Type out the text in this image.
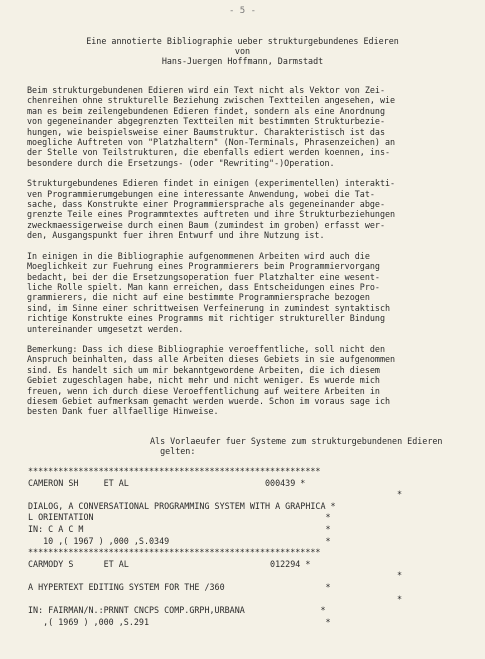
- 5 -
Eine annotierte Bibliographie ueber strukturgebundenes Edieren
von
Hans-Juergen Hoffmann, Darmstadt
Beim strukturgebundenen Edieren wird ein Text nicht als Vektor von Zei-
chenreihen ohne strukturelle Beziehung zwischen Textteilen angesehen, wie
man es beim zeilengebundenen Edieren findet, sondern als eine Anordnung
von gegeneinander abgegrenzten Textteilen mit bestimmten Strukturbezie-
hungen, wie beispielsweise einer Baumstruktur. Charakteristisch ist das
moegliche Auftreten von "Platzhaltern" (Non-Terminals, Phrasenzeichen) an
der Stelle von Teilstrukturen, die ebenfalls ediert werden koennen, ins-
besondere durch die Ersetzungs- (oder "Rewriting"-)Operation.
Strukturgebundenes Edieren findet in einigen (experimentellen) interakti-
ven Programmierumgebungen eine interessante Anwendung, wobei die Tat-
sache, dass Konstrukte einer Programmiersprache als gegeneinander abge-
grenzte Teile eines Programmtextes auftreten und ihre Strukturbeziehungen
zweckmaessigerweise durch einen Baum (zumindest im groben) erfasst wer-
den, Ausgangspunkt fuer ihren Entwurf und ihre Nutzung ist.
In einigen in die Bibliographie aufgenommenen Arbeiten wird auch die
Moeglichkeit zur Fuehrung eines Programmierers beim Programmiervorgang
bedacht, bei der die Ersetzungsoperation fuer Platzhalter eine wesent-
liche Rolle spielt. Man kann erreichen, dass Entscheidungen eines Pro-
grammierers, die nicht auf eine bestimmte Programmiersprache bezogen
sind, im Sinne einer schrittweisen Verfeinerung in zumindest syntaktisch
richtige Konstrukte eines Programms mit richtiger struktureller Bindung
untereinander umgesetzt werden.
Bemerkung: Dass ich diese Bibliographie veroeffentliche, soll nicht den
Anspruch beinhalten, dass alle Arbeiten dieses Gebiets in sie aufgenommen
sind. Es handelt sich um mir bekanntgewordene Arbeiten, die ich diesem
Gebiet zugeschlagen habe, nicht mehr und nicht weniger. Es wuerde mich
freuen, wenn ich durch diese Veroeffentlichung auf weitere Arbeiten in
diesem Gebiet aufmerksam gemacht werden wuerde. Schon im voraus sage ich
besten Dank fuer allfaellige Hinweise.
Als Vorlaeufer fuer Systeme zum strukturgebundenen Edieren
gelten:
**********************************************************
CAMERON SH     ET AL                           000439 *
*
DIALOG, A CONVERSATIONAL PROGRAMMING SYSTEM WITH A GRAPHICA *
L ORIENTATION                                              *
IN: C A C M                                                *
10 ,( 1967 ) ,000 ,S.0349                               *
**********************************************************
CARMODY S      ET AL                            012294 *
*
A HYPERTEXT EDITING SYSTEM FOR THE /360                    *
*
IN: FAIRMAN/N.:PRNNT CNCPS COMP.GRPH,URBANA               *
,( 1969 ) ,000 ,S.291                                   *
